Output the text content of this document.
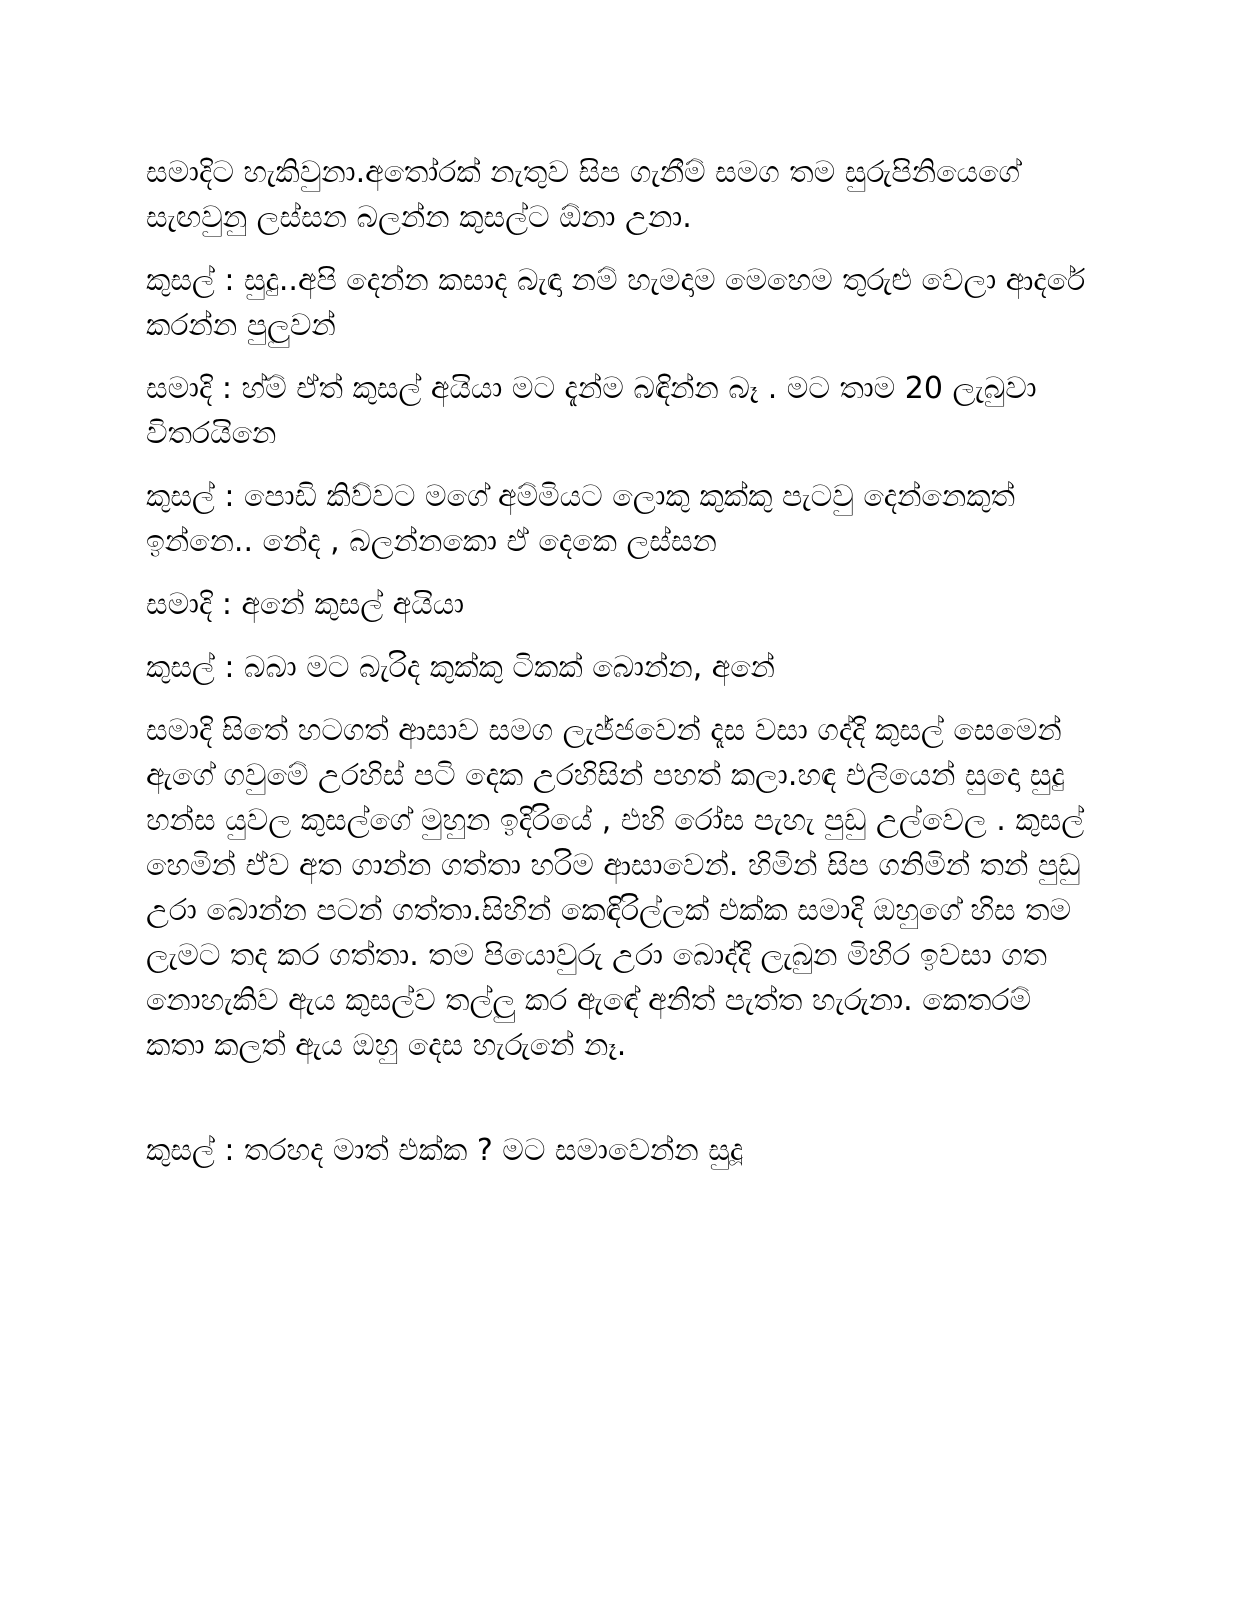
සමාදිට හැකිවුනා.අතෝරක් නැතුව සිප ගැනීම් සමග තම සුරුපිනියෙගේ සැඟවුනු ලස්සන බලන්න කුසල්ට ඕනා උනා.

කුසල් : සුදු..අපි දෙන්න කසාද බැඳා නම් හැමදාම මෙහෙම තුරුළු වෙලා ආදරේ කරන්න පුලුවන්

සමාදි : හ්ම් ඒත් කුසල් අයියා මට දැන්ම බඳින්න බෑ . මට තාම 20 ලැබුවා විතරයිනෙ

කුසල් : පොඩි කිව්වට මගේ අම්මියට ලොකු කුක්කු පැටවු දෙන්නෙකුත් ඉන්නෙ.. නේද , බලන්නකො ඒ දෙකෙ ලස්සන

සමාදි : අනේ කුසල් අයියා

කුසල් : බබා මට බැරිද කුක්කු ටිකක් බොන්න, අනේ

සමාදි සිතේ හටගත් ආසාව සමග ලැජ්ජවෙන් දෑස වසා ගද්දි කුසල් සෙමෙන් ඇගේ ගවුමේ උරහිස් පටි දෙක උරහිසින් පහත් කලා.හඳ එලියෙන් සුදො සුදු හන්ස යුවල කුසල්ගේ මුහුන ඉදිරියේ , එහි රෝස පැහැ පුඩු උල්වෙල . කුසල් හෙමින් ඒව අත ගාන්න ගත්තා හරිම ආසාවෙන්. හිමින් සිප ගනිමින් තන් පුඩු උරා බොන්න පටන් ගත්තා.සිහින් කෙඳිරිල්ලක් එක්ක සමාදි ඔහුගේ හිස තම ලැමට තද කර ගත්තා. තම පියොවුරු උරා බොද්දි ලැබුන මිහිර ඉවසා ගත නොහැකිව ඇය කුසල්ව තල්ලු කර ඇඳේ අනිත් පැත්ත හැරුනා. කෙතරම් කතා කලත් ඇය ඔහු දෙස හැරුනේ නෑ.

කුසල් : තරහද මාත් එක්ක ? මට සමාවෙන්න සුදූ
